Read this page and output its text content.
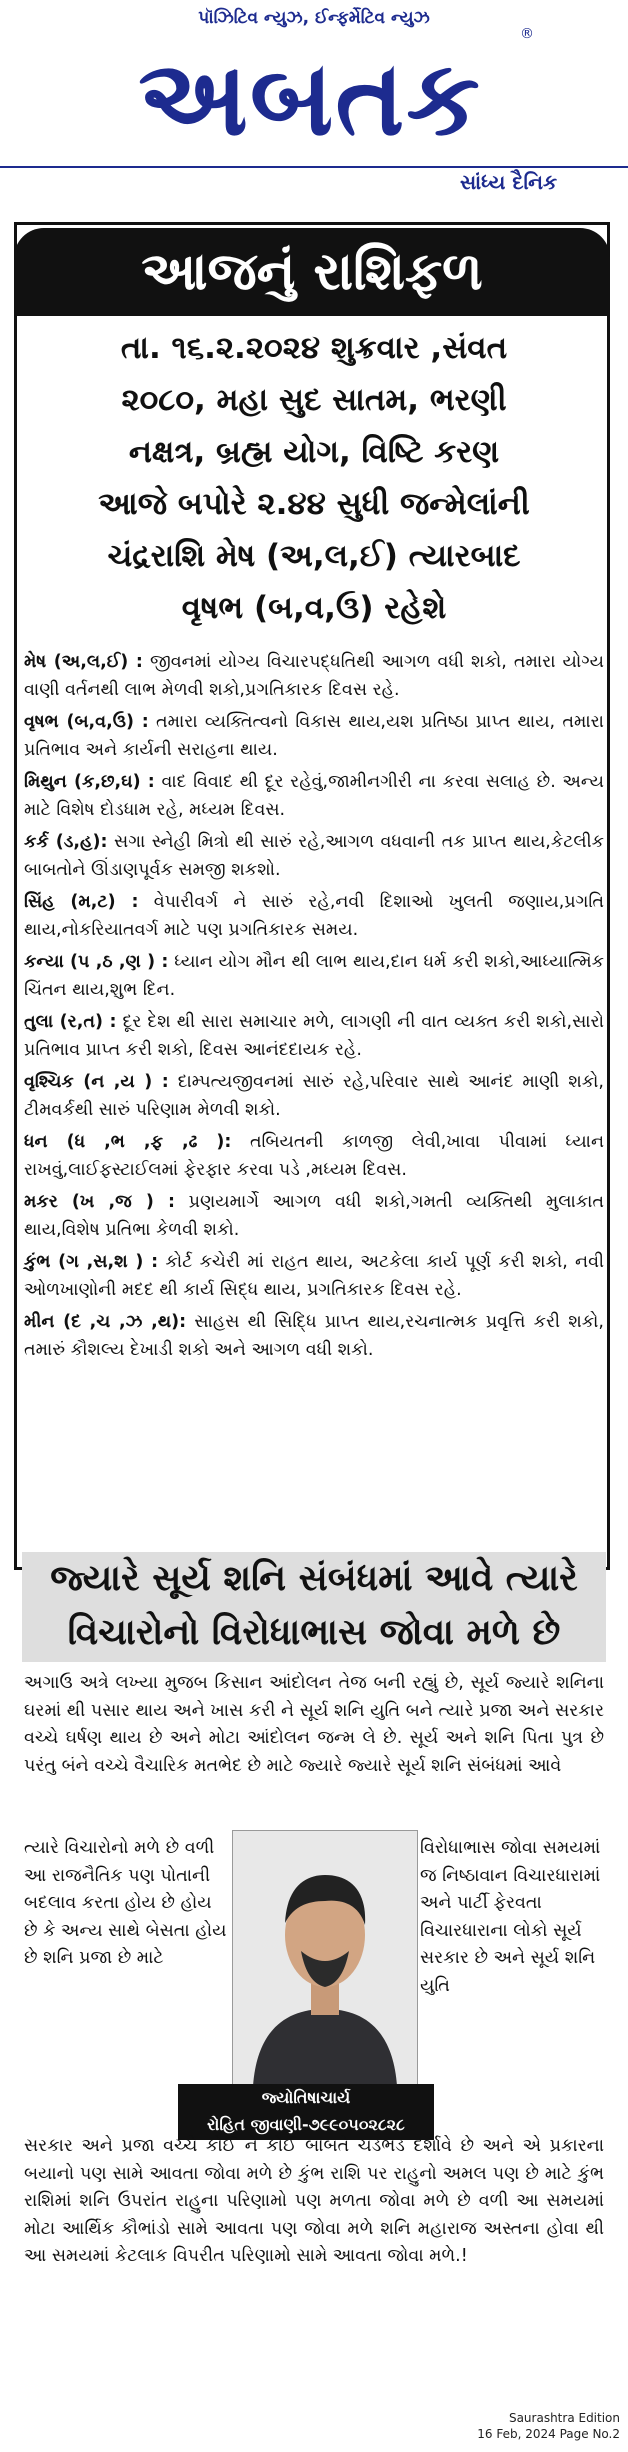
પૉઝિટિવ ન્યુઝ, ઈન્ફર્મેટિવ ન્યુઝ
અબતક
®
સાંધ્ય દૈનિક
આજનું રાશિફળ
તા. ૧૬.૨.૨૦૨૪ શુક્રવાર ,સંવત
૨૦૮૦, મહા સુદ સાતમ, ભરણી
નક્ષત્ર, બ્રહ્મ યોગ, વિષ્ટિ કરણ
આજે બપોરે ૨.૪૪ સુધી જન્મેલાંની
ચંદ્રરાશિ મેષ (અ,લ,ઈ) ત્યારબાદ
વૃષભ (બ,વ,ઉ) રહેશે

મેષ (અ,લ,ઈ) : જીવનમાં યોગ્ય વિચારપદ્ધતિથી આગળ વધી શકો, તમારા યોગ્ય વાણી વર્તનથી લાભ મેળવી શકો,પ્રગતિકારક દિવસ રહે.

વૃષભ (બ,વ,ઉ) : તમારા વ્યક્તિત્વનો વિકાસ થાય,યશ પ્રતિષ્ઠા પ્રાપ્ત થાય, તમારા પ્રતિભાવ અને કાર્યની સરાહના થાય.

મિથુન (ક,છ,ઘ) : વાદ વિવાદ થી દૂર રહેવું,જામીનગીરી ના કરવા સલાહ છે. અન્ય માટે વિશેષ દોડધામ રહે, મધ્યમ દિવસ.

કર્ક (ડ,હ): સગા સ્નેહી મિત્રો થી સારું રહે,આગળ વધવાની તક પ્રાપ્ત થાય,કેટલીક બાબતોને ઊંડાણપૂર્વક સમજી શકશો.

સિંહ (મ,ટ) : વેપારીવર્ગ ને સારું રહે,નવી દિશાઓ ખુલતી જણાય,પ્રગતિ થાય,નોકરિયાતવર્ગ માટે પણ પ્રગતિકારક સમય.

કન્યા (પ ,ઠ ,ણ ) : ધ્યાન યોગ મૌન થી લાભ થાય,દાન ધર્મ કરી શકો,આધ્યાત્મિક ચિંતન થાય,શુભ દિન.

તુલા (ર,ત) : દૂર દેશ થી સારા સમાચાર મળે, લાગણી ની વાત વ્યક્ત કરી શકો,સારો પ્રતિભાવ પ્રાપ્ત કરી શકો, દિવસ આનંદદાયક રહે.

વૃશ્ચિક (ન ,ય ) : દામ્પત્યજીવનમાં સારું રહે,પરિવાર સાથે આનંદ માણી શકો, ટીમવર્કથી સારું પરિણામ મેળવી શકો.

ધન (ધ ,ભ ,ફ ,ઢ ): તબિયતની કાળજી લેવી,ખાવા પીવામાં ધ્યાન રાખવું,લાઈફસ્ટાઈલમાં ફેરફાર કરવા પડે ,મધ્યમ દિવસ.

મકર (ખ ,જ ) : પ્રણયમાર્ગે આગળ વધી શકો,ગમતી વ્યક્તિથી મુલાકાત થાય,વિશેષ પ્રતિભા કેળવી શકો.

કુંભ (ગ ,સ,શ ) : કોર્ટ કચેરી માં રાહત થાય, અટકેલા કાર્ય પૂર્ણ કરી શકો, નવી ઓળખાણોની મદદ થી કાર્ય સિદ્ધ થાય, પ્રગતિકારક દિવસ રહે.

મીન (દ ,ચ ,ઝ ,થ): સાહસ થી સિદ્ધિ પ્રાપ્ત થાય,રચનાત્મક પ્રવૃત્તિ કરી શકો, તમારું કૌશલ્ય દેખાડી શકો અને આગળ વધી શકો.

જ્યારે સૂર્ય શનિ સંબંધમાં આવે ત્યારે
વિચારોનો વિરોધાભાસ જોવા મળે છે

અગાઉ અત્રે લખ્યા મુજબ કિસાન આંદોલન તેજ બની રહ્યું છે, સૂર્ય જ્યારે શનિના ઘરમાં થી પસાર થાય અને ખાસ કરી ને સૂર્ય શનિ યુતિ બને ત્યારે પ્રજા અને સરકાર વચ્ચે ઘર્ષણ થાય છે અને મોટા આંદોલન જન્મ લે છે. સૂર્ય અને શનિ પિતા પુત્ર છે પરંતુ બંને વચ્ચે વૈચારિક મતભેદ છે માટે જ્યારે જ્યારે સૂર્ય શનિ સંબંધમાં આવે

ત્યારે વિચારોનો મળે છે વળી આ રાજનૈતિક પણ પોતાની બદલાવ કરતા હોય છે હોય છે કે અન્ય સાથે બેસતા હોય છે શનિ પ્રજા છે માટે
વિરોધાભાસ જોવા સમયમાં જ નિષ્ઠાવાન વિચારધારામાં અને પાર્ટી ફેરવતા વિચારધારાના લોકો સૂર્ય સરકાર છે અને સૂર્ય શનિ યુતિ
જ્યોતિષાચાર્ય
રોહિત જીવાણી-૭૯૯૦૫૦૨૮૨૮

સરકાર અને પ્રજા વચ્ચે કોઈ ને કોઈ બાબતે ચડભડ દર્શાવે છે અને એ પ્રકારના બયાનો પણ સામે આવતા જોવા મળે છે કુંભ રાશિ પર રાહુનો અમલ પણ છે માટે કુંભ રાશિમાં શનિ ઉપરાંત રાહુના પરિણામો પણ મળતા જોવા મળે છે વળી આ સમયમાં મોટા આર્થિક કૌભાંડો સામે આવતા પણ જોવા મળે શનિ મહારાજ અસ્તના હોવા થી આ સમયમાં કેટલાક વિપરીત પરિણામો સામે આવતા જોવા મળે.!

Saurashtra Edition
16 Feb, 2024 Page No.2
